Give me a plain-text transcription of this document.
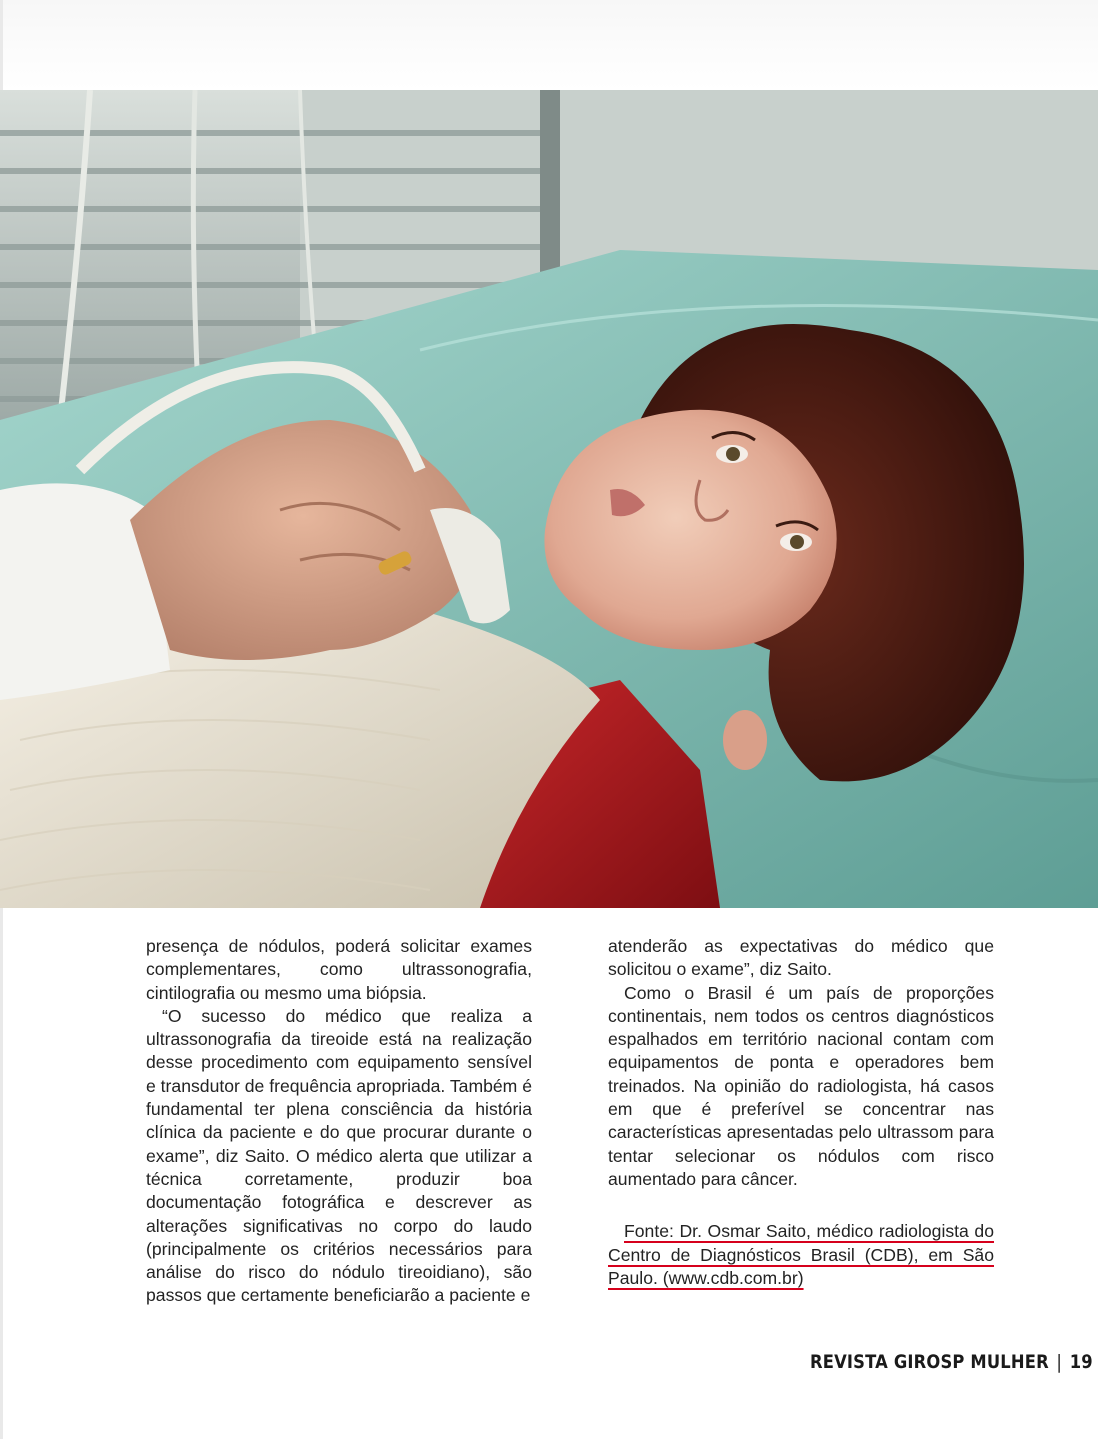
presença de nódulos, poderá solicitar exames complementares, como ultrassonografia, cintilografia ou mesmo uma biópsia.

“O sucesso do médico que realiza a ultrassonografia da tireoide está na realização desse procedimento com equipamento sensível e transdutor de frequência apropriada. Também é fundamental ter plena consciência da história clínica da paciente e do que procurar durante o exame”, diz Saito. O médico alerta que utilizar a técnica corretamente, produzir boa documentação fotográfica e descrever as alterações significativas no corpo do laudo (principalmente os critérios necessários para análise do risco do nódulo tireoidiano), são passos que certamente beneficiarão a paciente e

atenderão as expectativas do médico que solicitou o exame”, diz Saito.

Como o Brasil é um país de proporções continentais, nem todos os centros diagnósticos espalhados em território nacional contam com equipamentos de ponta e operadores bem treinados. Na opinião do radiologista, há casos em que é preferível se concentrar nas características apresentadas pelo ultrassom para tentar selecionar os nódulos com risco aumentado para câncer.

Fonte: Dr. Osmar Saito, médico radiologista do Centro de Diagnósticos Brasil (CDB), em São Paulo. (www.cdb.com.br)

REVISTA GIROSP MULHER | 19
